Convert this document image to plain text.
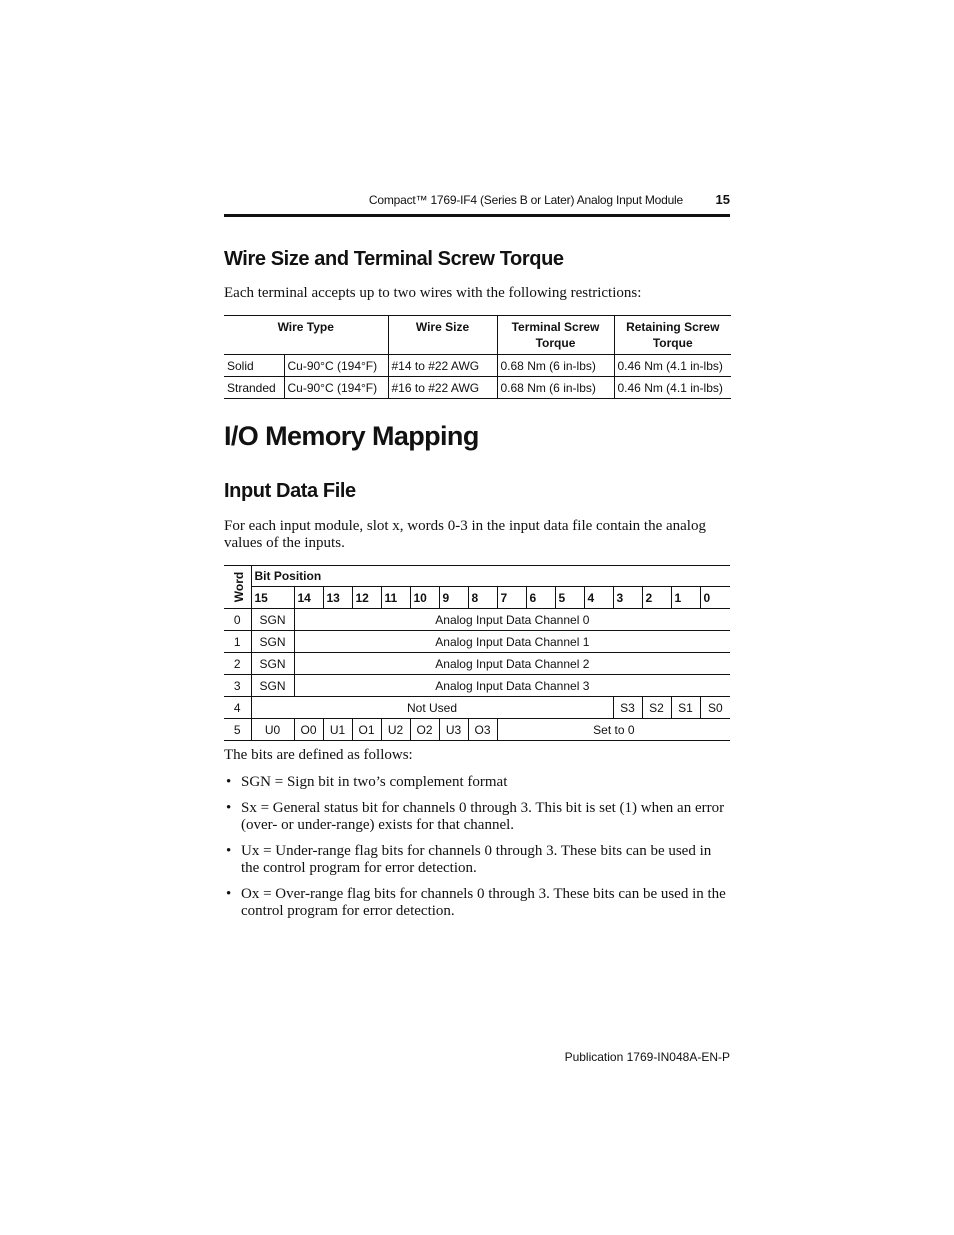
Compact™ 1769-IF4 (Series B or Later) Analog Input Module	15
Wire Size and Terminal Screw Torque

Each terminal accepts up to two wires with the following restrictions:

Wire Type		Wire Size	Terminal Screw Torque	Retaining Screw Torque
Solid	Cu-90°C (194°F)	#14 to #22 AWG	0.68 Nm (6 in-lbs)	0.46 Nm (4.1 in-lbs)
Stranded	Cu-90°C (194°F)	#16 to #22 AWG	0.68 Nm (6 in-lbs)	0.46 Nm (4.1 in-lbs)
I/O Memory Mapping
Input Data File

For each input module, slot x, words 0-3 in the input data file contain the analog values of the inputs.

Word	Bit Position															
	15	14	13	12	11	10	9	8	7	6	5	4	3	2	1	0
0	SGN	Analog Input Data Channel 0														
1	SGN	Analog Input Data Channel 1														
2	SGN	Analog Input Data Channel 2														
3	SGN	Analog Input Data Channel 3														
4	Not Used												S3	S2	S1	S0
5	U0	O0	U1	O1	U2	O2	U3	O3	Set to 0							

The bits are defined as follows:

• SGN = Sign bit in two’s complement format
• Sx = General status bit for channels 0 through 3. This bit is set (1) when an error (over- or under-range) exists for that channel.
• Ux = Under-range flag bits for channels 0 through 3. These bits can be used in the control program for error detection.
• Ox = Over-range flag bits for channels 0 through 3. These bits can be used in the control program for error detection.
Publication 1769-IN048A-EN-P
